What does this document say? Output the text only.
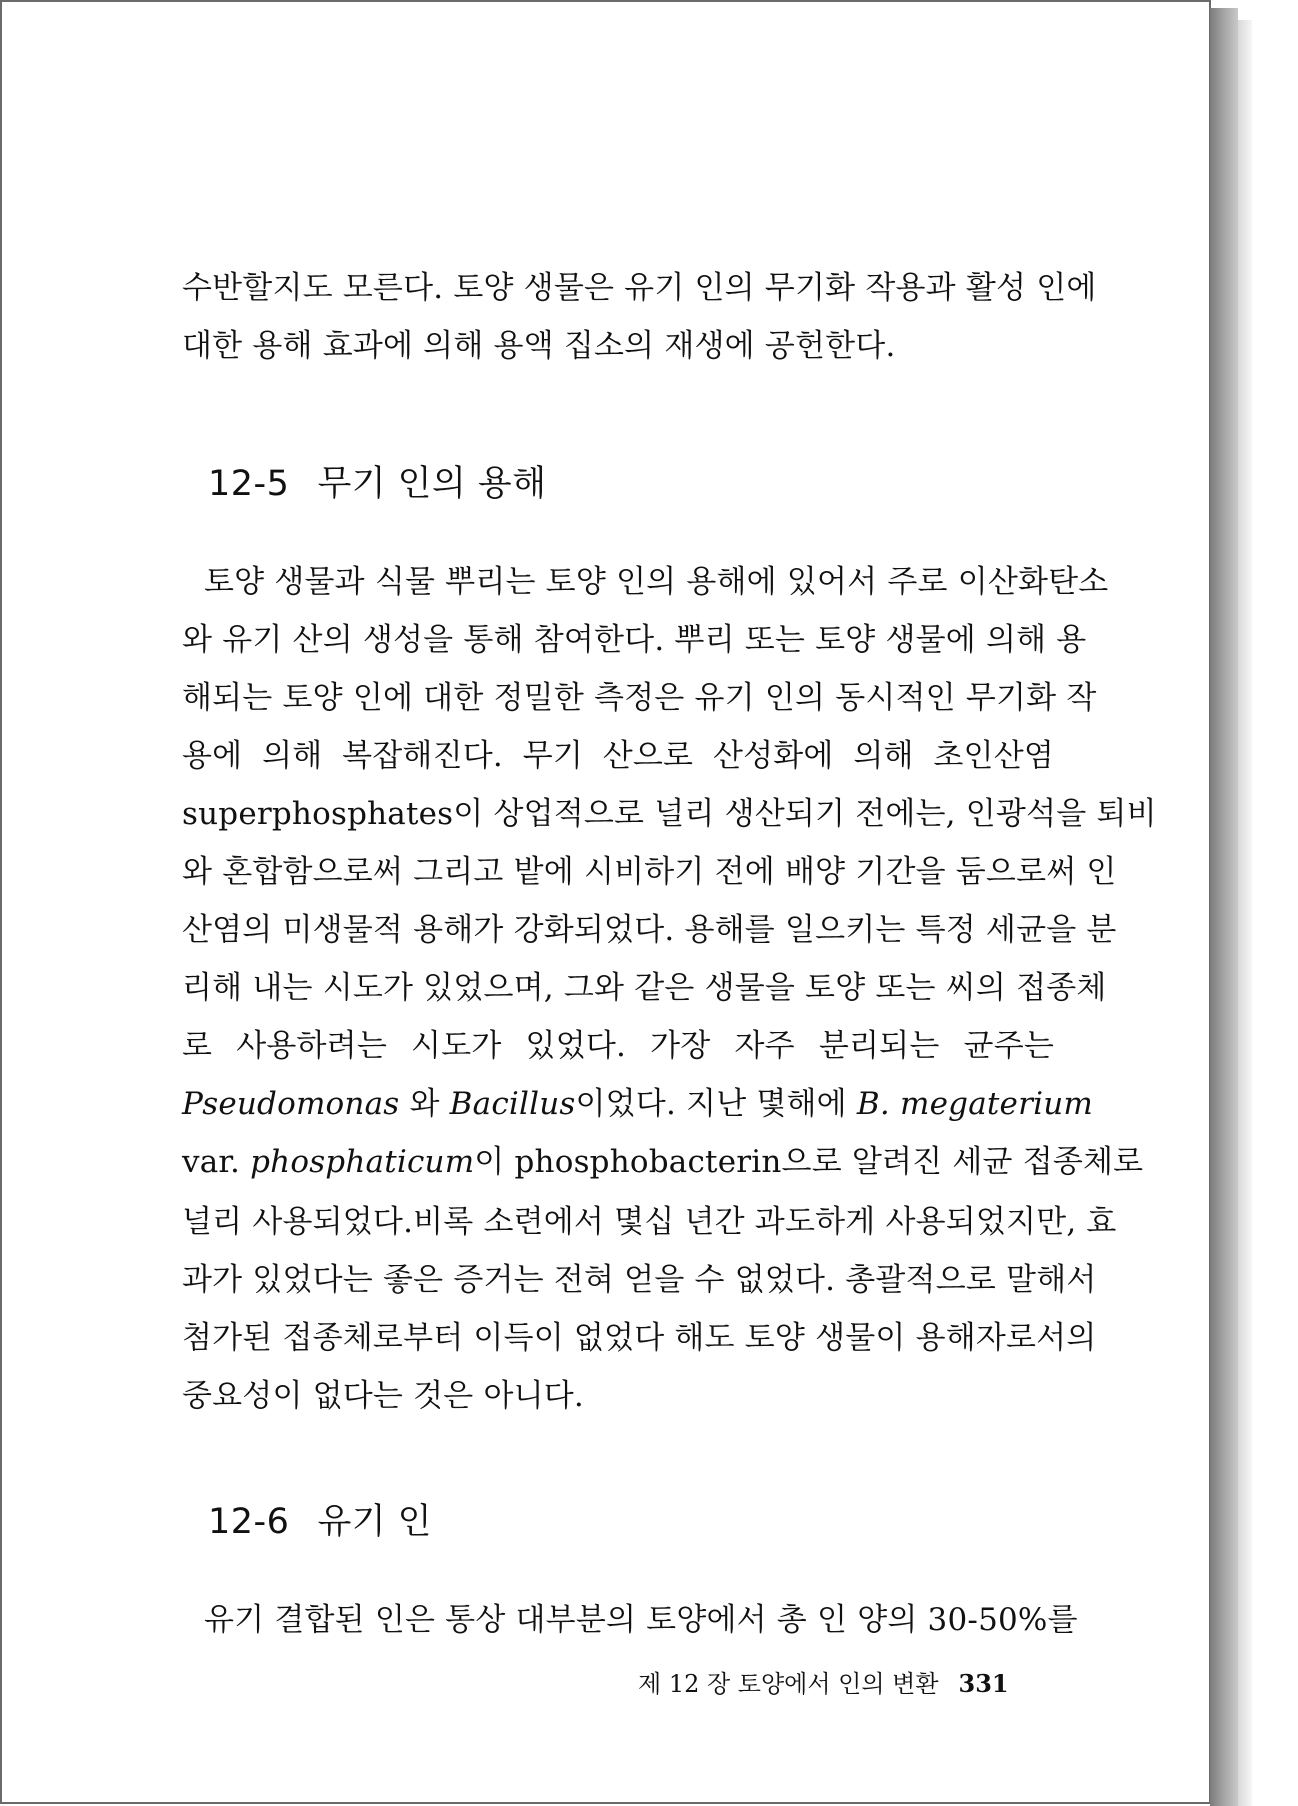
수반할지도 모른다. 토양 생물은 유기 인의 무기화 작용과 활성 인에
대한 용해 효과에 의해 용액 집소의 재생에 공헌한다.
12-5 무기 인의 용해
토양 생물과 식물 뿌리는 토양 인의 용해에 있어서 주로 이산화탄소
와 유기 산의 생성을 통해 참여한다. 뿌리 또는 토양 생물에 의해 용
해되는 토양 인에 대한 정밀한 측정은 유기 인의 동시적인 무기화 작
용에 의해 복잡해진다. 무기 산으로 산성화에 의해 초인산염
superphosphates이 상업적으로 널리 생산되기 전에는, 인광석을 퇴비
와 혼합함으로써 그리고 밭에 시비하기 전에 배양 기간을 둠으로써 인
산염의 미생물적 용해가 강화되었다. 용해를 일으키는 특정 세균을 분
리해 내는 시도가 있었으며, 그와 같은 생물을 토양 또는 씨의 접종체
로 사용하려는 시도가 있었다. 가장 자주 분리되는 균주는
Pseudomonas 와 Bacillus이었다. 지난 몇해에 B. megaterium
var. phosphaticum이 phosphobacterin으로 알려진 세균 접종체로
널리 사용되었다.비록 소련에서 몇십 년간 과도하게 사용되었지만, 효
과가 있었다는 좋은 증거는 전혀 얻을 수 없었다. 총괄적으로 말해서
첨가된 접종체로부터 이득이 없었다 해도 토양 생물이 용해자로서의
중요성이 없다는 것은 아니다.
12-6 유기 인
유기 결합된 인은 통상 대부분의 토양에서 총 인 양의 30-50%를
제 12 장 토양에서 인의 변환 331
